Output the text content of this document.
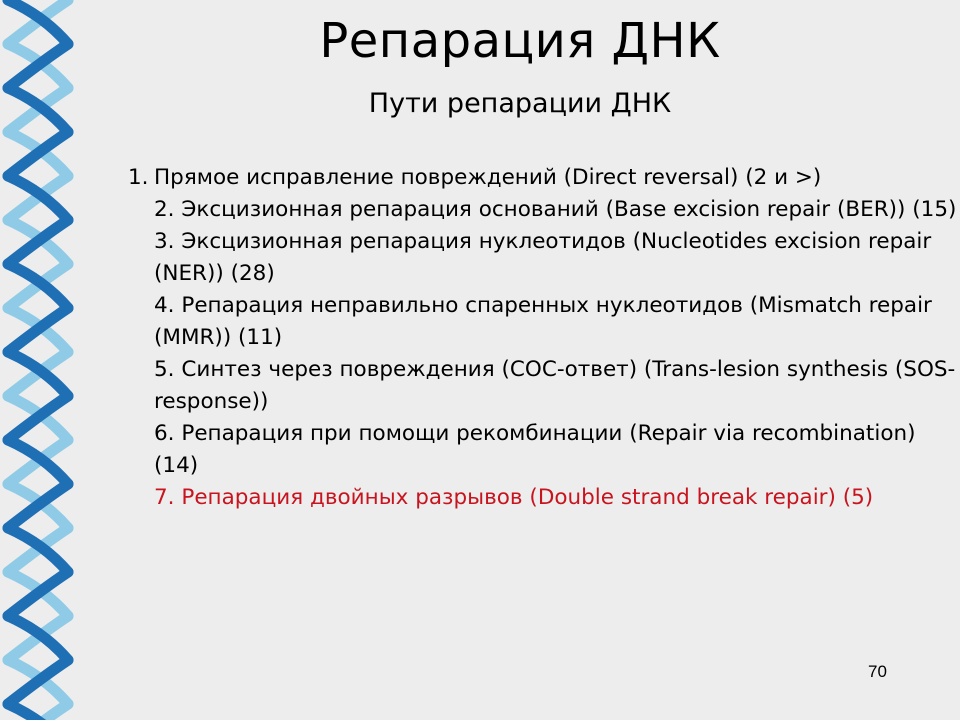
Репарация ДНК
Пути репарации ДНК
1. Прямое исправление повреждений (Direct reversal) (2 и >)
2. Эксцизионная репарация оснований (Base excision repair (BER)) (15)
3. Эксцизионная репарация нуклеотидов (Nucleotides excision repair (NER)) (28)
4. Репарация неправильно спаренных нуклеотидов (Mismatch repair (MMR)) (11)
5. Синтез через повреждения (СОС-ответ) (Trans-lesion synthesis (SOS-response))
6. Репарация при помощи рекомбинации (Repair via recombination) (14)
7. Репарация двойных разрывов (Double strand break repair) (5)
70
